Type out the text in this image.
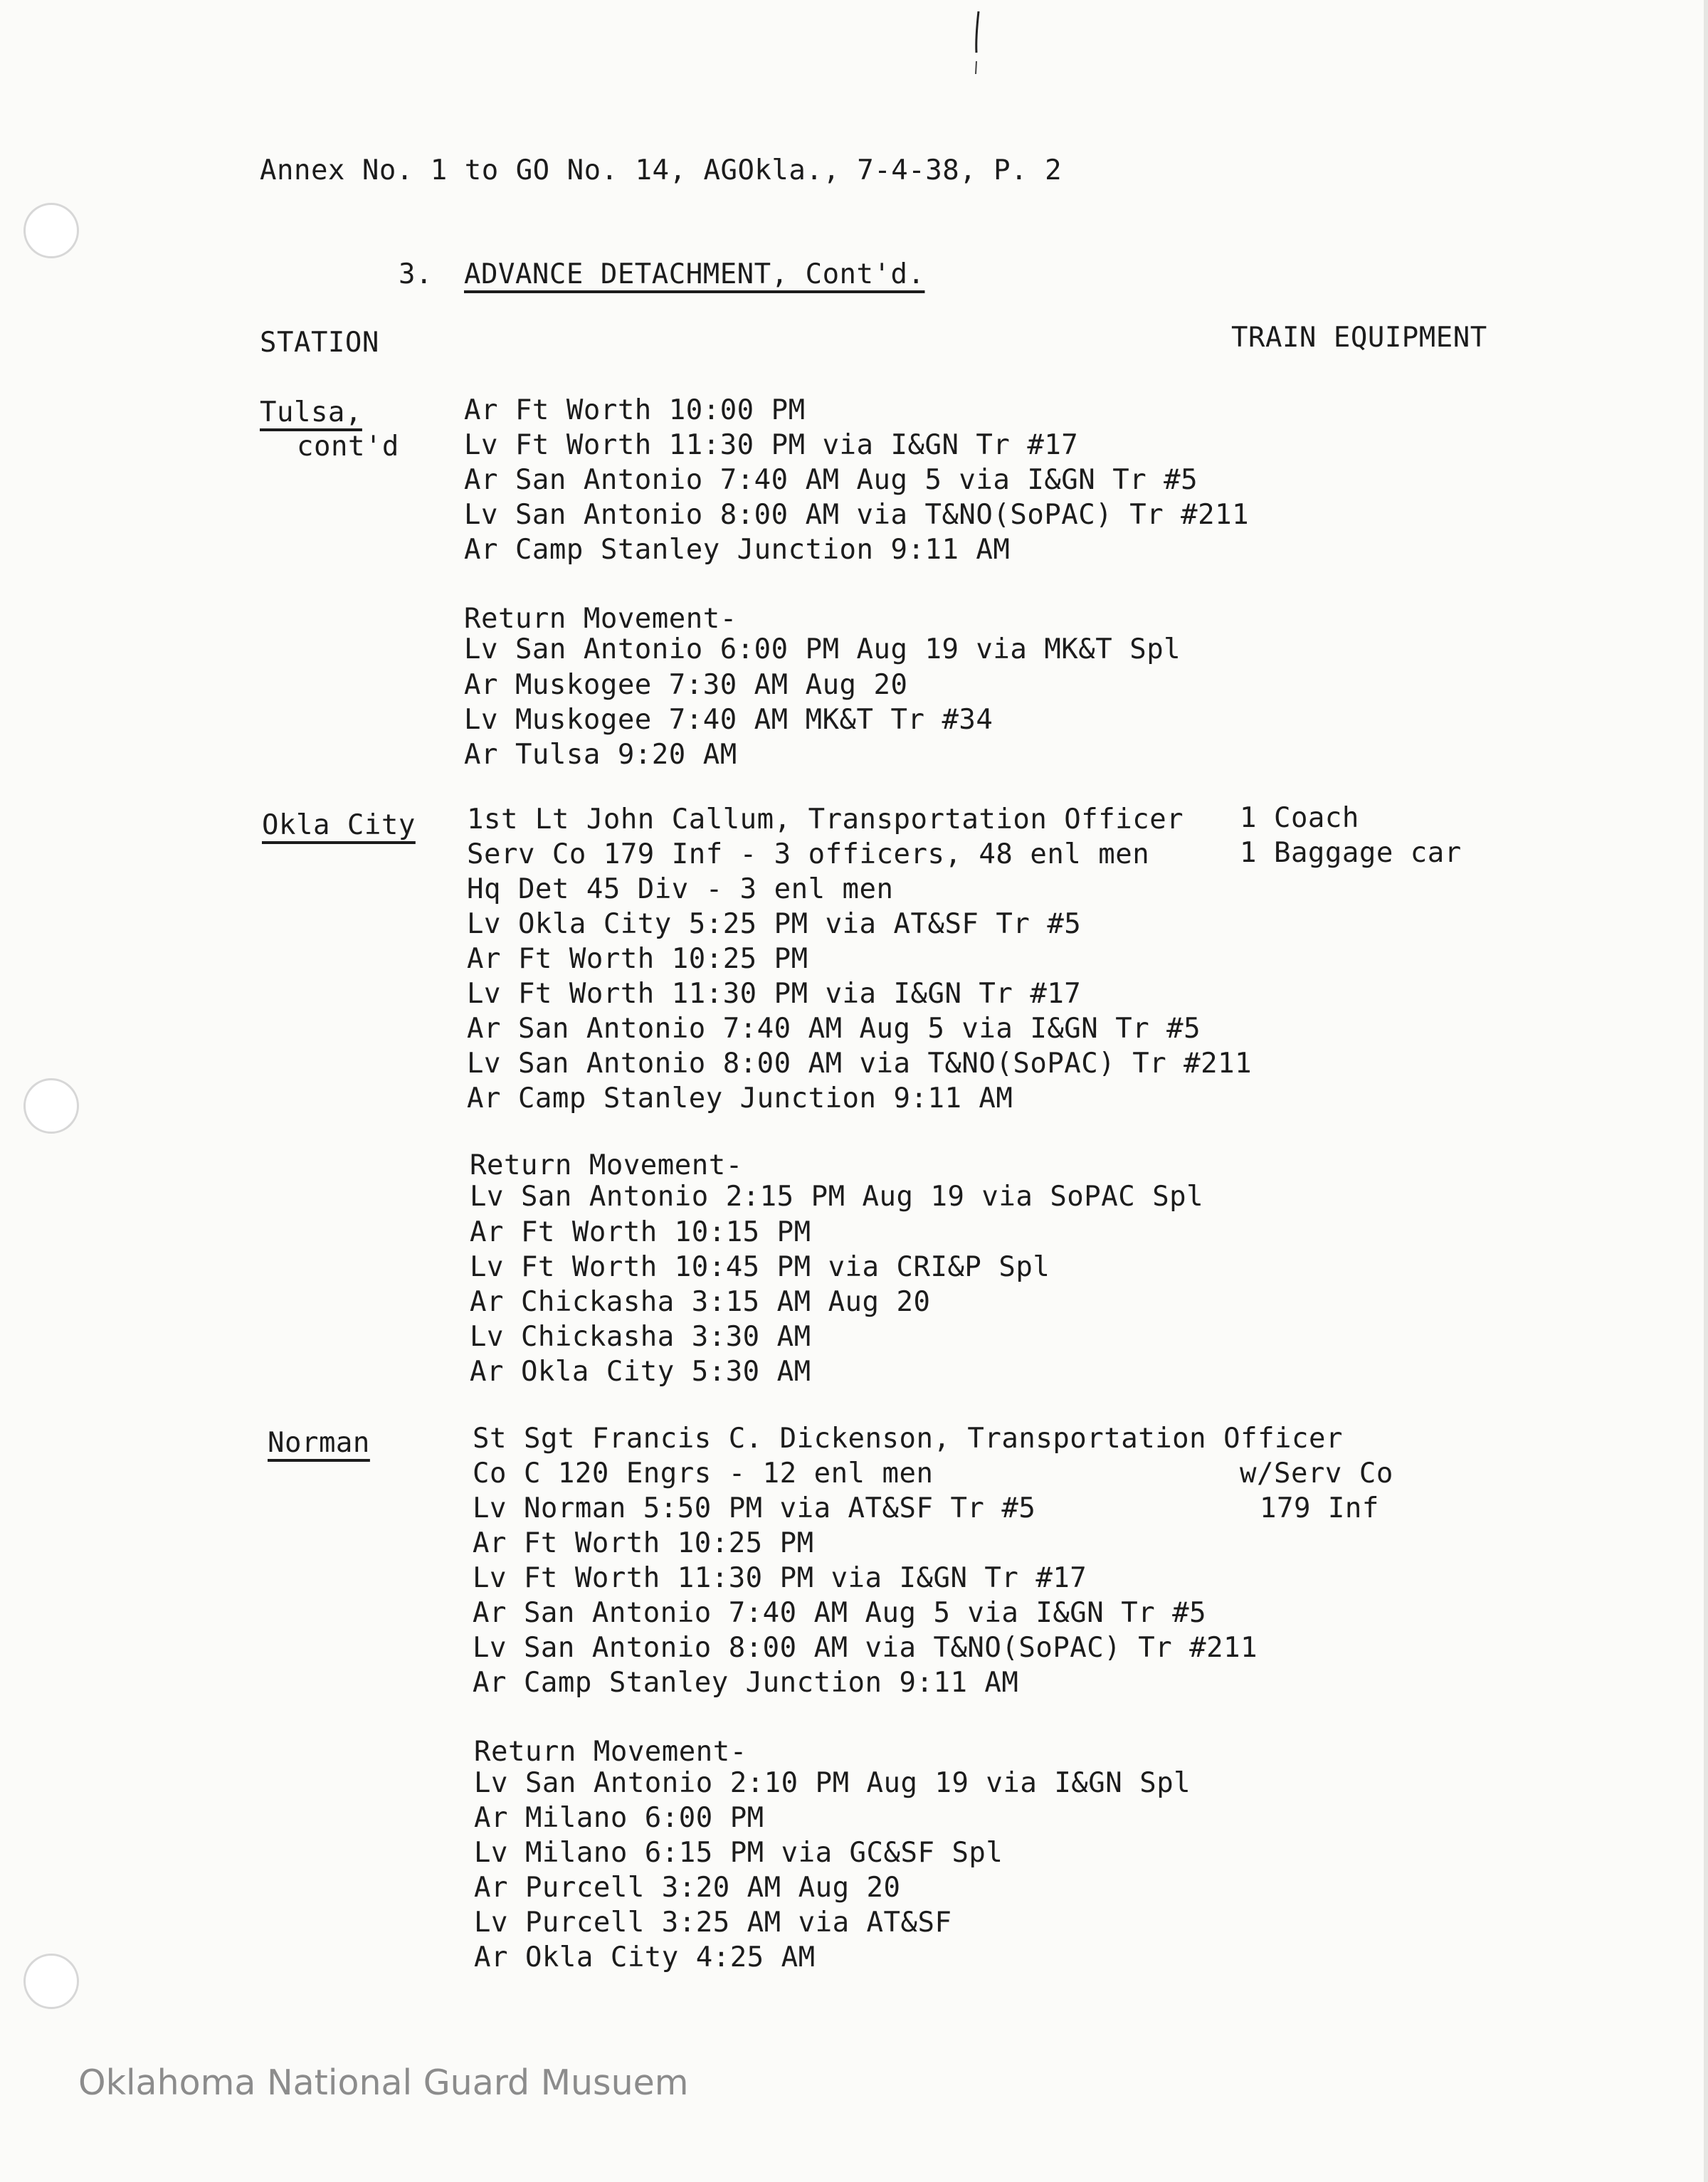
Annex No. 1 to GO No. 14, AGOkla., 7-4-38, P. 2
3. ADVANCE DETACHMENT, Cont'd.
STATION	TRAIN EQUIPMENT
Tulsa,
cont'd
Ar Ft Worth 10:00 PM
Lv Ft Worth 11:30 PM via I&GN Tr #17
Ar San Antonio 7:40 AM Aug 5 via I&GN Tr #5
Lv San Antonio 8:00 AM via T&NO(SoPAC) Tr #211
Ar Camp Stanley Junction 9:11 AM
Return Movement-
Lv San Antonio 6:00 PM Aug 19 via MK&T Spl
Ar Muskogee 7:30 AM Aug 20
Lv Muskogee 7:40 AM MK&T Tr #34
Ar Tulsa 9:20 AM
Okla City 1st Lt John Callum, Transportation Officer
Serv Co 179 Inf - 3 officers, 48 enl men
Hq Det 45 Div - 3 enl men
Lv Okla City 5:25 PM via AT&SF Tr #5
Ar Ft Worth 10:25 PM
Lv Ft Worth 11:30 PM via I&GN Tr #17
Ar San Antonio 7:40 AM Aug 5 via I&GN Tr #5
Lv San Antonio 8:00 AM via T&NO(SoPAC) Tr #211
Ar Camp Stanley Junction 9:11 AM
1 Coach
1 Baggage car
Return Movement-
Lv San Antonio 2:15 PM Aug 19 via SoPAC Spl
Ar Ft Worth 10:15 PM
Lv Ft Worth 10:45 PM via CRI&P Spl
Ar Chickasha 3:15 AM Aug 20
Lv Chickasha 3:30 AM
Ar Okla City 5:30 AM
Norman	St Sgt Francis C. Dickenson, Transportation Officer
Co C 120 Engrs - 12 enl men
Lv Norman 5:50 PM via AT&SF Tr #5
Ar Ft Worth 10:25 PM
Lv Ft Worth 11:30 PM via I&GN Tr #17
Ar San Antonio 7:40 AM Aug 5 via I&GN Tr #5
Lv San Antonio 8:00 AM via T&NO(SoPAC) Tr #211
Ar Camp Stanley Junction 9:11 AM
w/Serv Co
179 Inf
Return Movement-
Lv San Antonio 2:10 PM Aug 19 via I&GN Spl
Ar Milano 6:00 PM
Lv Milano 6:15 PM via GC&SF Spl
Ar Purcell 3:20 AM Aug 20
Lv Purcell 3:25 AM via AT&SF
Ar Okla City 4:25 AM
Oklahoma National Guard Musuem
